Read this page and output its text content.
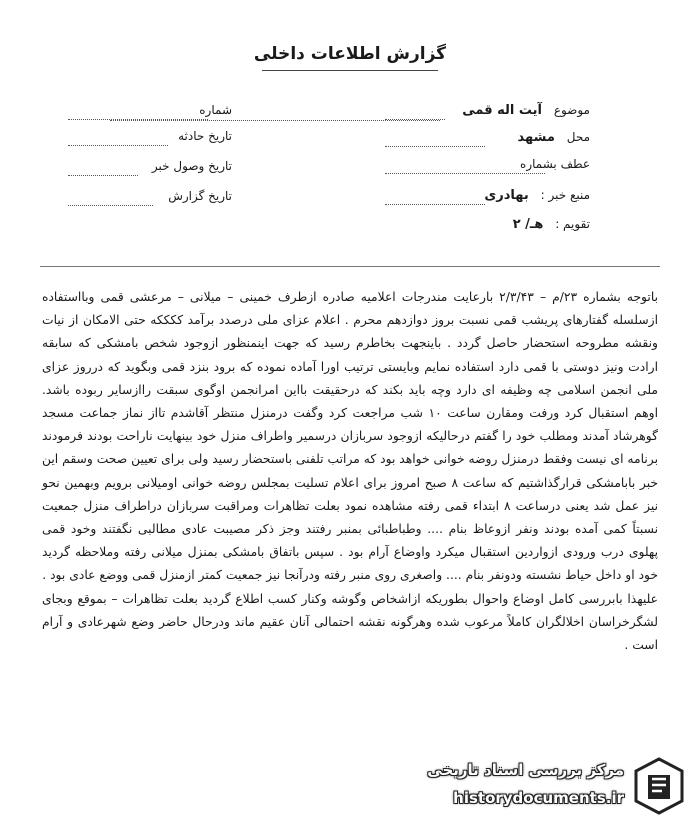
گزارش اطلاعات داخلی
موضوع آیت اله قمی
محل مشهد
عطف بشماره
منبع خبر : بهادری
تقویم : هـ/ ۲
شماره
تاریخ حادثه
تاریخ وصول خبر
تاریخ گزارش

باتوجه بشماره ۲۳/م – ۲/۳/۴۳ بارعایت مندرجات اعلامیه صادره ازطرف خمینی – میلانی – مرعشی قمی وبااستفاده ازسلسله گفتارهای پریشب قمی نسبت بروز دوازدهم محرم . اعلام عزای ملی درصدد برآمد ککککه حتی الامکان از نیات ونقشه مطروحه استحضار حاصل گردد . باینجهت بخاطرم رسید که جهت اینمنظور ازوجود شخص بامشکی که سابقه ارادت ونیز دوستی با قمی دارد استفاده نمایم وبایستی ترتیب اورا آماده نموده که برود بنزد قمی وبگوید که درروز عزای ملی انجمن اسلامی چه وظیفه ای دارد وچه باید بکند که درحقیقت بااین امرانجمن اوگوی سبقت راازسایر ربوده باشد. اوهم استقبال کرد ورفت ومقارن ساعت ۱۰ شب مراجعت کرد وگفت درمنزل منتظر آقاشدم تااز نماز جماعت مسجد گوهرشاد آمدند ومطلب خود را گفتم درحالیکه ازوجود سربازان درسمیر واطراف منزل خود بینهایت ناراحت بودند فرمودند برنامه ای نیست وفقط درمنزل روضه خوانی خواهد بود که مراتب تلفنی باستحضار رسید ولی برای تعیین صحت وسقم این خبر بابامشکی قرارگذاشتیم که ساعت ۸ صبح امروز برای اعلام تسلیت بمجلس روضه خوانی اومیلانی برویم وبهمین نحو نیز عمل شد یعنی درساعت ۸ ابتداء قمی رفته مشاهده نمود بعلت تظاهرات ومراقبت سربازان دراطراف منزل جمعیت نسبتاً کمی آمده بودند ونفر ازوعاظ بنام .... وطباطبائی بمنبر رفتند وجز ذکر مصیبت عادی مطالبی نگفتند وخود قمی پهلوی درب ورودی ازواردین استقبال میکرد واوضاع آرام بود . سپس باتفاق بامشکی بمنزل میلانی رفته وملاحظه گردید خود او داخل حیاط نشسته ودونفر بنام .... واصغری روی منبر رفته ودرآنجا نیز جمعیت کمتر ازمنزل قمی ووضع عادی بود .

علیهذا بابررسی کامل اوضاع واحوال بطوریکه ازاشخاص وگوشه وکنار کسب اطلاع گردید بعلت تظاهرات – بموقع وبجای لشگرخراسان اخلالگران کاملاً مرعوب شده وهرگونه نقشه احتمالی آنان عقیم ماند ودرحال حاضر وضع شهرعادی و آرام است .

مرکز بررسی اسناد تاریخی
historydocuments.ir
